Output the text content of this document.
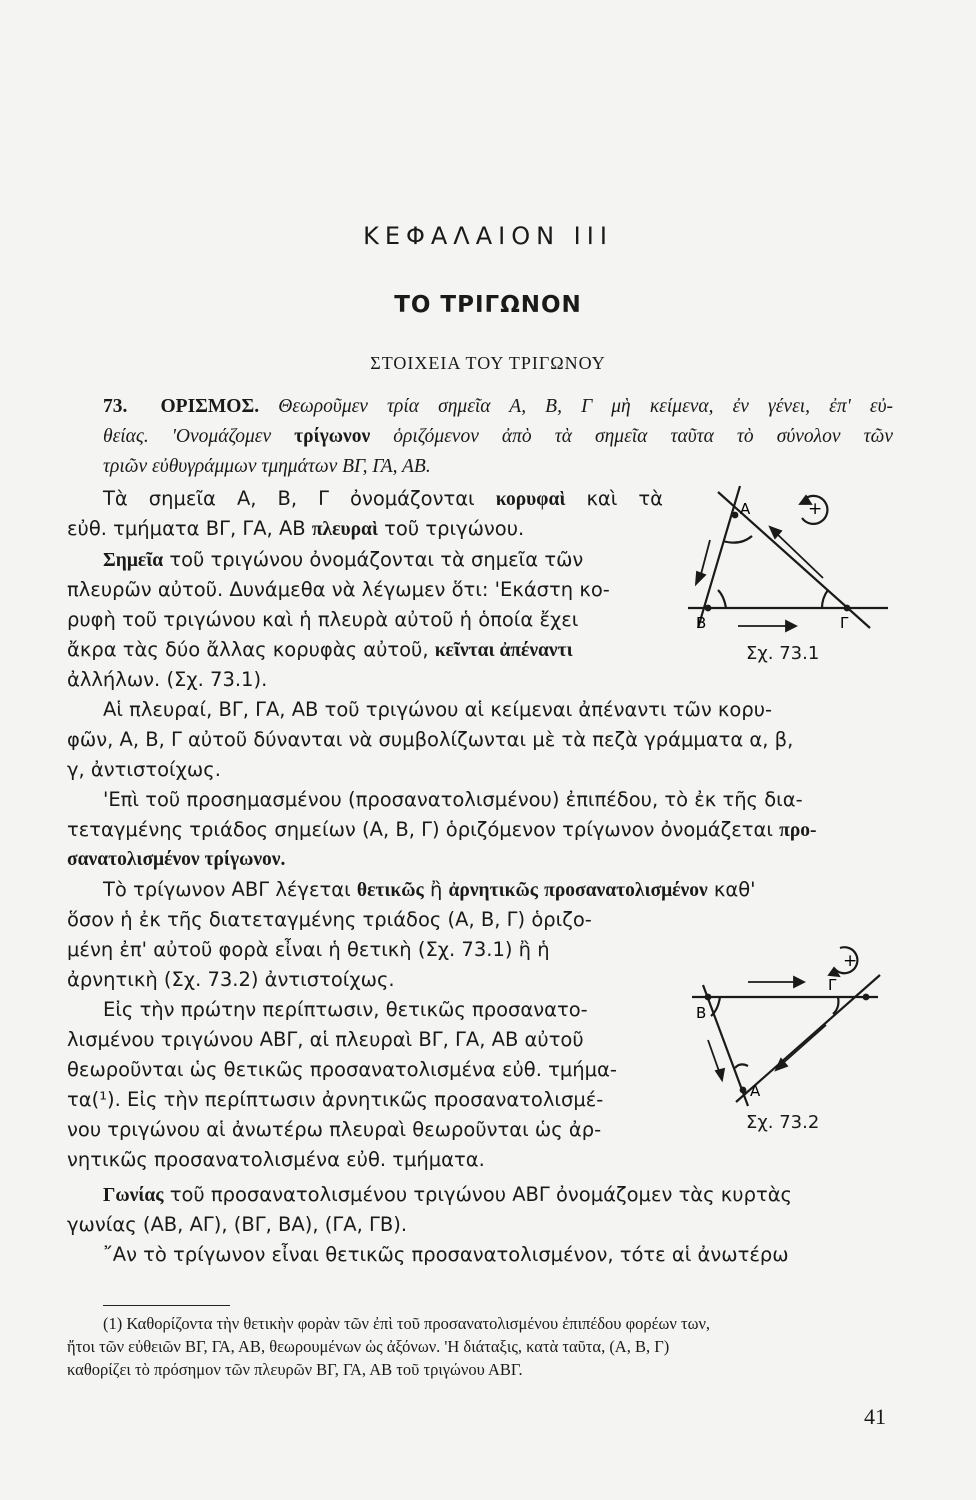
ΚΕΦΑΛΑΙΟΝ ΙΙΙ
ΤΟ ΤΡΙΓΩΝΟΝ
ΣΤΟΙΧΕΙΑ ΤΟΥ ΤΡΙΓΩΝΟΥ
73. ΟΡΙΣΜΟΣ. Θεωροῦμεν τρία σημεῖα Α, Β, Γ μὴ κείμενα, ἐν γένει, ἐπ' εὐ-
θείας. 'Ονομάζομεν τρίγωνον ὁριζόμενον ἀπὸ τὰ σημεῖα ταῦτα τὸ σύνολον τῶν
τριῶν εὐθυγράμμων τμημάτων ΒΓ, ΓΑ, ΑΒ.
Τὰ σημεῖα Α, Β, Γ ὀνομάζονται κορυφαὶ καὶ τὰ
εὐθ. τμήματα ΒΓ, ΓΑ, ΑΒ πλευραὶ τοῦ τριγώνου.
Σημεῖα τοῦ τριγώνου ὀνομάζονται τὰ σημεῖα τῶν
πλευρῶν αὐτοῦ. Δυνάμεθα νὰ λέγωμεν ὅτι: 'Εκάστη κο-
ρυφὴ τοῦ τριγώνου καὶ ἡ πλευρὰ αὐτοῦ ἡ ὁποία ἔχει
ἄκρα τὰς δύο ἄλλας κορυφὰς αὐτοῦ, κεῖνται ἀπέναντι
ἀλλήλων. (Σχ. 73.1).
Αἱ πλευραί, ΒΓ, ΓΑ, ΑΒ τοῦ τριγώνου αἱ κείμεναι ἀπέναντι τῶν κορυ-
φῶν, Α, Β, Γ αὐτοῦ δύνανται νὰ συμβολίζωνται μὲ τὰ πεζὰ γράμματα α, β,
γ, ἀντιστοίχως.
'Επὶ τοῦ προσημασμένου (προσανατολισμένου) ἐπιπέδου, τὸ ἐκ τῆς δια-
τεταγμένης τριάδος σημείων (Α, Β, Γ) ὁριζόμενον τρίγωνον ὀνομάζεται προ-
σανατολισμένον τρίγωνον.
Τὸ τρίγωνον ΑΒΓ λέγεται θετικῶς ἢ ἀρνητικῶς προσανατολισμένον καθ'
ὅσον ἡ ἐκ τῆς διατεταγμένης τριάδος (Α, Β, Γ) ὁριζο-
μένη ἐπ' αὐτοῦ φορὰ εἶναι ἡ θετικὴ (Σχ. 73.1) ἢ ἡ
ἀρνητικὴ (Σχ. 73.2) ἀντιστοίχως.
Εἰς τὴν πρώτην περίπτωσιν, θετικῶς προσανατο-
λισμένου τριγώνου ΑΒΓ, αἱ πλευραὶ ΒΓ, ΓΑ, ΑΒ αὐτοῦ
θεωροῦνται ὡς θετικῶς προσανατολισμένα εὐθ. τμήμα-
τα(¹). Εἰς τὴν περίπτωσιν ἀρνητικῶς προσανατολισμέ-
νου τριγώνου αἱ ἀνωτέρω πλευραὶ θεωροῦνται ὡς ἀρ-
νητικῶς προσανατολισμένα εὐθ. τμήματα.
Γωνίας τοῦ προσανατολισμένου τριγώνου ΑΒΓ ὀνομάζομεν τὰς κυρτὰς
γωνίας (ΑΒ, ΑΓ), (ΒΓ, ΒΑ), (ΓΑ, ΓΒ).
῎Αν τὸ τρίγωνον εἶναι θετικῶς προσανατολισμένον, τότε αἱ ἀνωτέρω
(1) Καθορίζοντα τὴν θετικὴν φορὰν τῶν ἐπὶ τοῦ προσανατολισμένου ἐπιπέδου φορέων των,
ἤτοι τῶν εὐθειῶν ΒΓ, ΓΑ, ΑΒ, θεωρουμένων ὡς ἀξόνων. 'Η διάταξις, κατὰ ταῦτα, (Α, Β, Γ)
καθορίζει τὸ πρόσημον τῶν πλευρῶν ΒΓ, ΓΑ, ΑΒ τοῦ τριγώνου ΑΒΓ.
41
Α
Β	Γ
+
Σχ. 73.1
Β
Α
Γ
+
Σχ. 73.2
